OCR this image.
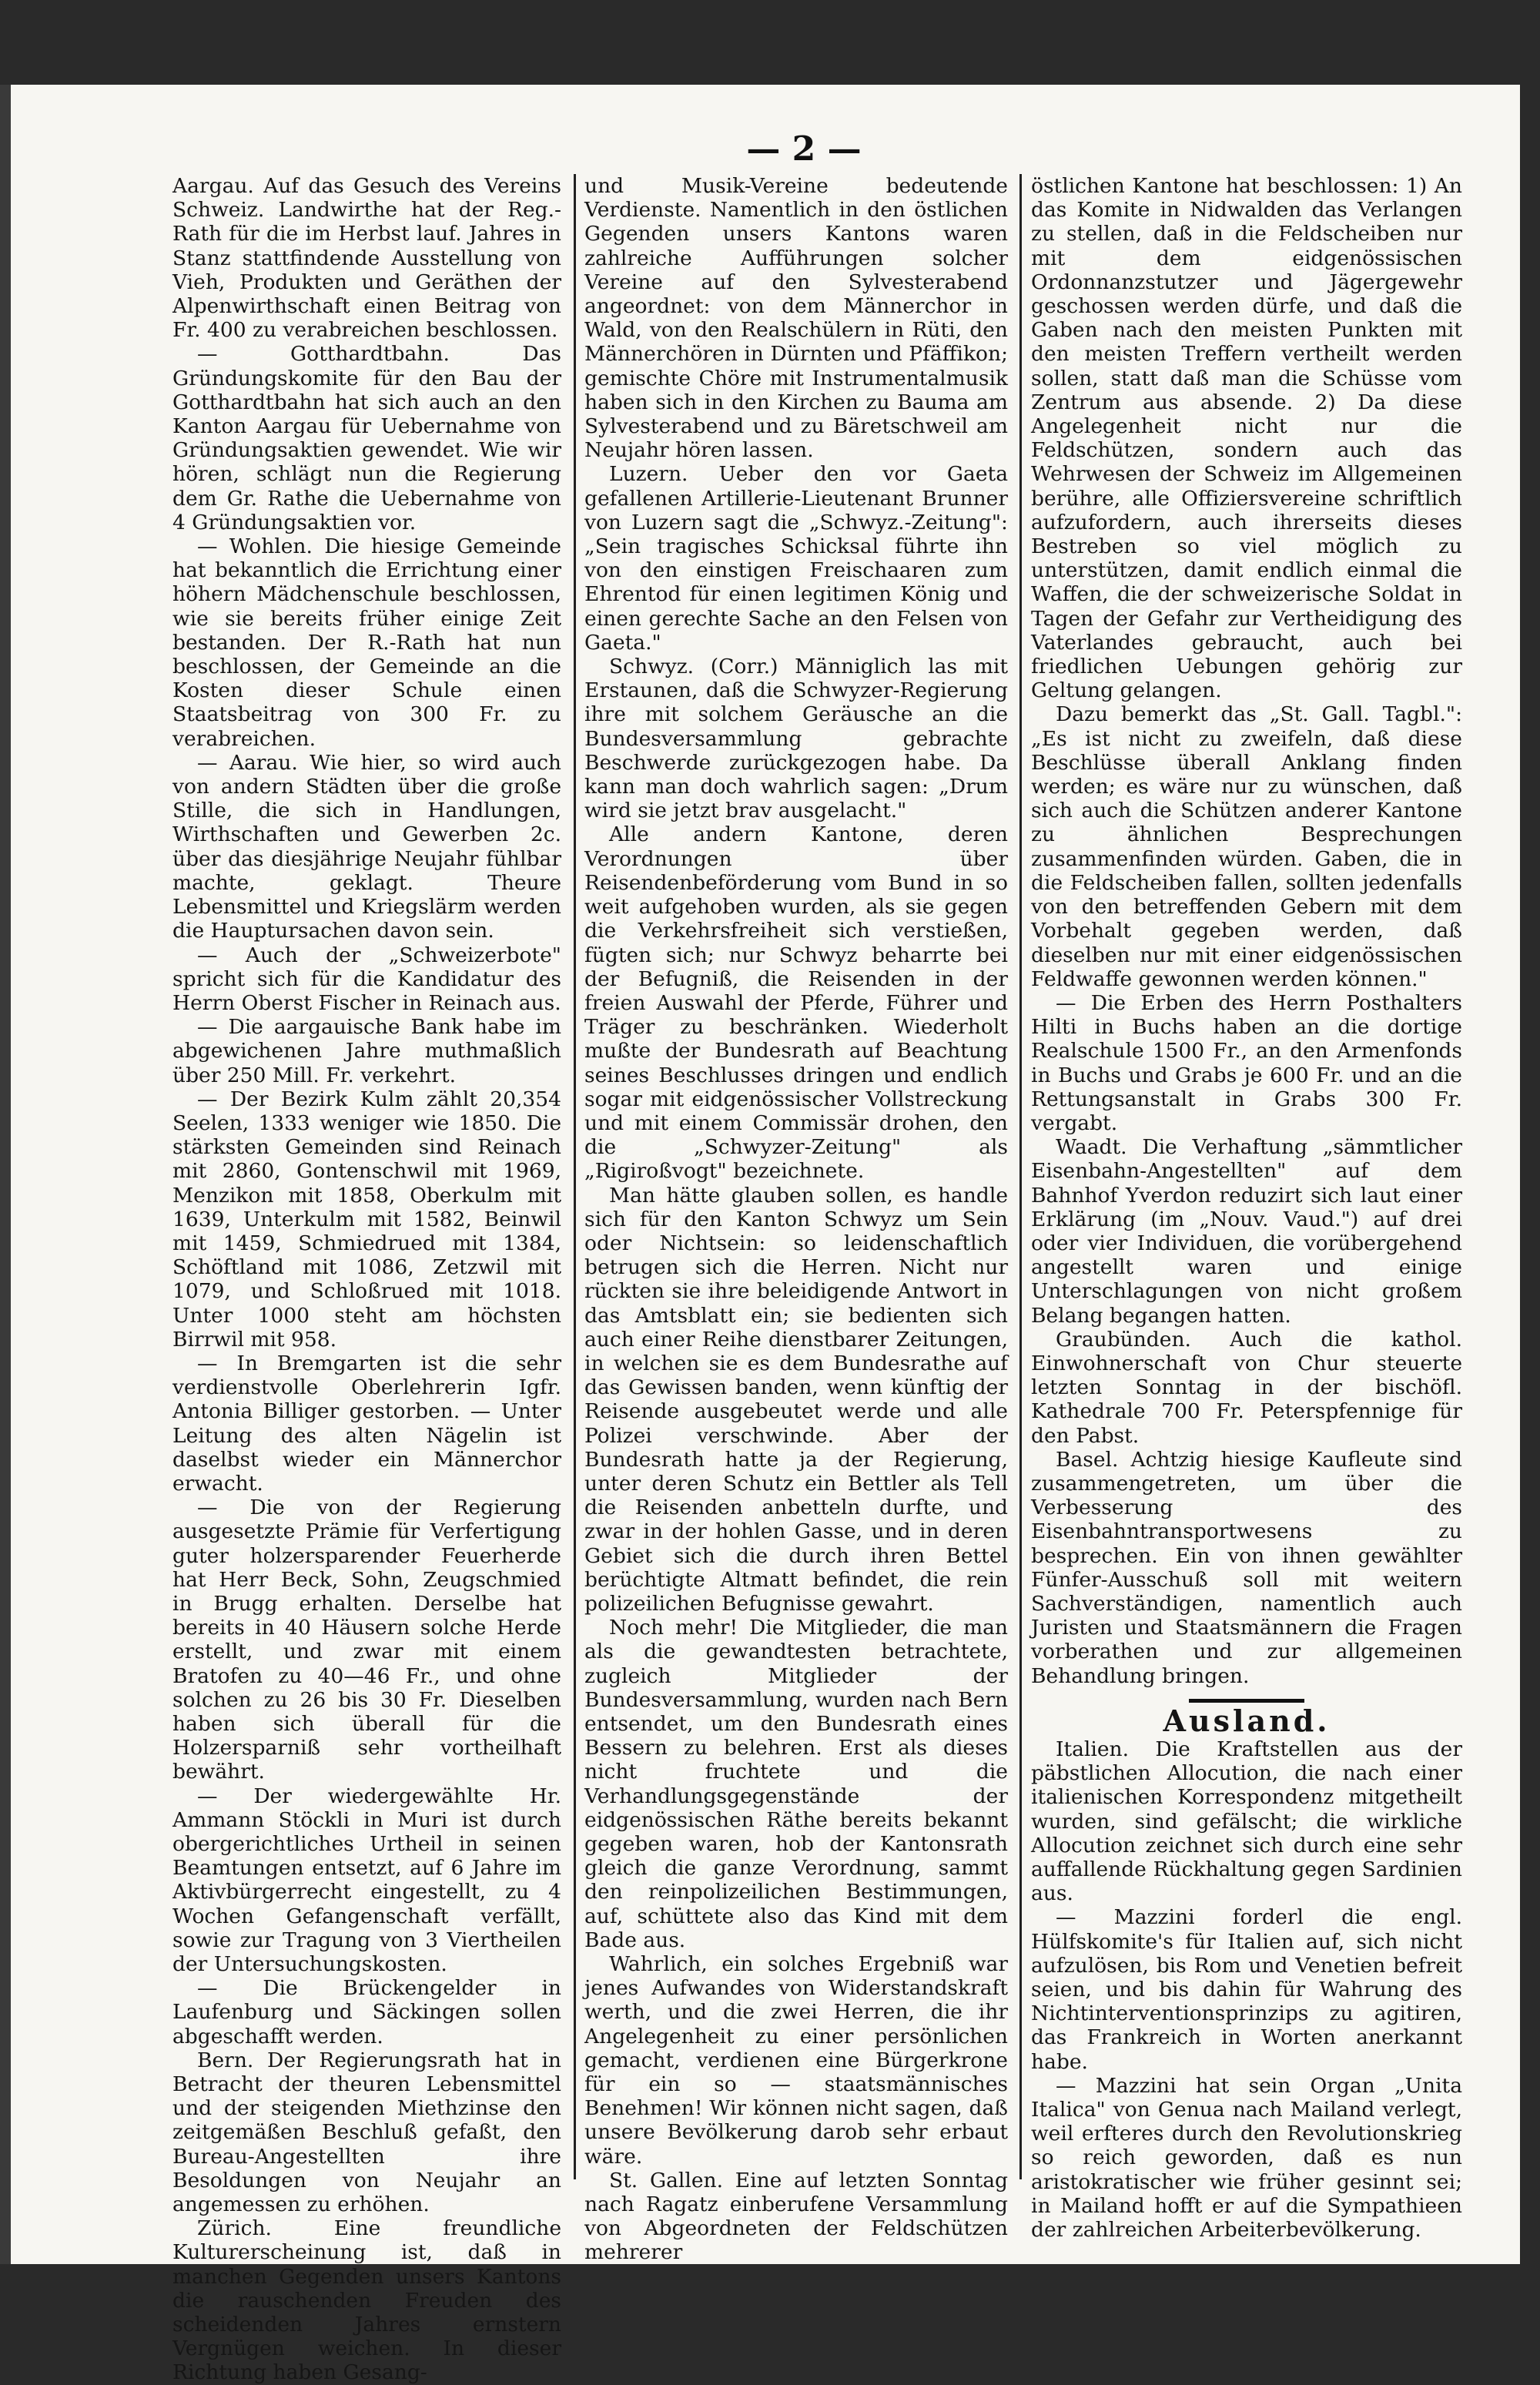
— 2 —

Aargau. Auf das Gesuch des Vereins Schweiz. Landwirthe hat der Reg.-Rath für die im Herbst lauf. Jahres in Stanz stattfindende Ausstellung von Vieh, Produkten und Geräthen der Alpenwirthschaft einen Beitrag von Fr. 400 zu verabreichen beschlossen.

— Gotthardtbahn. Das Gründungskomite für den Bau der Gotthardtbahn hat sich auch an den Kanton Aargau für Uebernahme von Gründungsaktien gewendet. Wie wir hören, schlägt nun die Regierung dem Gr. Rathe die Uebernahme von 4 Gründungsaktien vor.

— Wohlen. Die hiesige Gemeinde hat bekanntlich die Errichtung einer höhern Mädchenschule beschlossen, wie sie bereits früher einige Zeit bestanden. Der R.-Rath hat nun beschlossen, der Gemeinde an die Kosten dieser Schule einen Staatsbeitrag von 300 Fr. zu verabreichen.

— Aarau. Wie hier, so wird auch von andern Städten über die große Stille, die sich in Handlungen, Wirthschaften und Gewerben 2c. über das diesjährige Neujahr fühlbar machte, geklagt. Theure Lebensmittel und Kriegslärm werden die Hauptursachen davon sein.

— Auch der „Schweizerbote" spricht sich für die Kandidatur des Herrn Oberst Fischer in Reinach aus.

— Die aargauische Bank habe im abgewichenen Jahre muthmaßlich über 250 Mill. Fr. verkehrt.

— Der Bezirk Kulm zählt 20,354 Seelen, 1333 weniger wie 1850. Die stärksten Gemeinden sind Reinach mit 2860, Gontenschwil mit 1969, Menzikon mit 1858, Oberkulm mit 1639, Unterkulm mit 1582, Beinwil mit 1459, Schmiedrued mit 1384, Schöftland mit 1086, Zetzwil mit 1079, und Schloßrued mit 1018. Unter 1000 steht am höchsten Birrwil mit 958.

— In Bremgarten ist die sehr verdienstvolle Oberlehrerin Igfr. Antonia Billiger gestorben. — Unter Leitung des alten Nägelin ist daselbst wieder ein Männerchor erwacht.

— Die von der Regierung ausgesetzte Prämie für Verfertigung guter holzersparender Feuerherde hat Herr Beck, Sohn, Zeugschmied in Brugg erhalten. Derselbe hat bereits in 40 Häusern solche Herde erstellt, und zwar mit einem Bratofen zu 40—46 Fr., und ohne solchen zu 26 bis 30 Fr. Dieselben haben sich überall für die Holzersparniß sehr vortheilhaft bewährt.

— Der wiedergewählte Hr. Ammann Stöckli in Muri ist durch obergerichtliches Urtheil in seinen Beamtungen entsetzt, auf 6 Jahre im Aktivbürgerrecht eingestellt, zu 4 Wochen Gefangenschaft verfällt, sowie zur Tragung von 3 Viertheilen der Untersuchungskosten.

— Die Brückengelder in Laufenburg und Säckingen sollen abgeschafft werden.

Bern. Der Regierungsrath hat in Betracht der theuren Lebensmittel und der steigenden Miethzinse den zeitgemäßen Beschluß gefaßt, den Bureau-Angestellten ihre Besoldungen von Neujahr an angemessen zu erhöhen.

Zürich. Eine freundliche Kulturerscheinung ist, daß in manchen Gegenden unsers Kantons die rauschenden Freuden des scheidenden Jahres ernstern Vergnügen weichen. In dieser Richtung haben Gesang-

und Musik-Vereine bedeutende Verdienste. Namentlich in den östlichen Gegenden unsers Kantons waren zahlreiche Aufführungen solcher Vereine auf den Sylvesterabend angeordnet: von dem Männerchor in Wald, von den Realschülern in Rüti, den Männerchören in Dürnten und Pfäffikon; gemischte Chöre mit Instrumentalmusik haben sich in den Kirchen zu Bauma am Sylvesterabend und zu Bäretschweil am Neujahr hören lassen.

Luzern. Ueber den vor Gaeta gefallenen Artillerie-Lieutenant Brunner von Luzern sagt die „Schwyz.-Zeitung": „Sein tragisches Schicksal führte ihn von den einstigen Freischaaren zum Ehrentod für einen legitimen König und einen gerechte Sache an den Felsen von Gaeta."

Schwyz. (Corr.) Männiglich las mit Erstaunen, daß die Schwyzer-Regierung ihre mit solchem Geräusche an die Bundesversammlung gebrachte Beschwerde zurückgezogen habe. Da kann man doch wahrlich sagen: „Drum wird sie jetzt brav ausgelacht."

Alle andern Kantone, deren Verordnungen über Reisendenbeförderung vom Bund in so weit aufgehoben wurden, als sie gegen die Verkehrsfreiheit sich verstießen, fügten sich; nur Schwyz beharrte bei der Befugniß, die Reisenden in der freien Auswahl der Pferde, Führer und Träger zu beschränken. Wiederholt mußte der Bundesrath auf Beachtung seines Beschlusses dringen und endlich sogar mit eidgenössischer Vollstreckung und mit einem Commissär drohen, den die „Schwyzer-Zeitung" als „Rigiroßvogt" bezeichnete.

Man hätte glauben sollen, es handle sich für den Kanton Schwyz um Sein oder Nichtsein: so leidenschaftlich betrugen sich die Herren. Nicht nur rückten sie ihre beleidigende Antwort in das Amtsblatt ein; sie bedienten sich auch einer Reihe dienstbarer Zeitungen, in welchen sie es dem Bundesrathe auf das Gewissen banden, wenn künftig der Reisende ausgebeutet werde und alle Polizei verschwinde. Aber der Bundesrath hatte ja der Regierung, unter deren Schutz ein Bettler als Tell die Reisenden anbetteln durfte, und zwar in der hohlen Gasse, und in deren Gebiet sich die durch ihren Bettel berüchtigte Altmatt befindet, die rein polizeilichen Befugnisse gewahrt.

Noch mehr! Die Mitglieder, die man als die gewandtesten betrachtete, zugleich Mitglieder der Bundesversammlung, wurden nach Bern entsendet, um den Bundesrath eines Bessern zu belehren. Erst als dieses nicht fruchtete und die Verhandlungsgegenstände der eidgenössischen Räthe bereits bekannt gegeben waren, hob der Kantonsrath gleich die ganze Verordnung, sammt den reinpolizeilichen Bestimmungen, auf, schüttete also das Kind mit dem Bade aus.

Wahrlich, ein solches Ergebniß war jenes Aufwandes von Widerstandskraft werth, und die zwei Herren, die ihr Angelegenheit zu einer persönlichen gemacht, verdienen eine Bürgerkrone für ein so — staatsmännisches Benehmen! Wir können nicht sagen, daß unsere Bevölkerung darob sehr erbaut wäre.

St. Gallen. Eine auf letzten Sonntag nach Ragatz einberufene Versammlung von Abgeordneten der Feldschützen mehrerer

östlichen Kantone hat beschlossen: 1) An das Komite in Nidwalden das Verlangen zu stellen, daß in die Feldscheiben nur mit dem eidgenössischen Ordonnanzstutzer und Jägergewehr geschossen werden dürfe, und daß die Gaben nach den meisten Punkten mit den meisten Treffern vertheilt werden sollen, statt daß man die Schüsse vom Zentrum aus absende. 2) Da diese Angelegenheit nicht nur die Feldschützen, sondern auch das Wehrwesen der Schweiz im Allgemeinen berühre, alle Offiziersvereine schriftlich aufzufordern, auch ihrerseits dieses Bestreben so viel möglich zu unterstützen, damit endlich einmal die Waffen, die der schweizerische Soldat in Tagen der Gefahr zur Vertheidigung des Vaterlandes gebraucht, auch bei friedlichen Uebungen gehörig zur Geltung gelangen.

Dazu bemerkt das „St. Gall. Tagbl.": „Es ist nicht zu zweifeln, daß diese Beschlüsse überall Anklang finden werden; es wäre nur zu wünschen, daß sich auch die Schützen anderer Kantone zu ähnlichen Besprechungen zusammenfinden würden. Gaben, die in die Feldscheiben fallen, sollten jedenfalls von den betreffenden Gebern mit dem Vorbehalt gegeben werden, daß dieselben nur mit einer eidgenössischen Feldwaffe gewonnen werden können."

— Die Erben des Herrn Posthalters Hilti in Buchs haben an die dortige Realschule 1500 Fr., an den Armenfonds in Buchs und Grabs je 600 Fr. und an die Rettungsanstalt in Grabs 300 Fr. vergabt.

Waadt. Die Verhaftung „sämmtlicher Eisenbahn-Angestellten" auf dem Bahnhof Yverdon reduzirt sich laut einer Erklärung (im „Nouv. Vaud.") auf drei oder vier Individuen, die vorübergehend angestellt waren und einige Unterschlagungen von nicht großem Belang begangen hatten.

Graubünden. Auch die kathol. Einwohnerschaft von Chur steuerte letzten Sonntag in der bischöfl. Kathedrale 700 Fr. Peterspfennige für den Pabst.

Basel. Achtzig hiesige Kaufleute sind zusammengetreten, um über die Verbesserung des Eisenbahntransportwesens zu besprechen. Ein von ihnen gewählter Fünfer-Ausschuß soll mit weitern Sachverständigen, namentlich auch Juristen und Staatsmännern die Fragen vorberathen und zur allgemeinen Behandlung bringen.

Ausland.

Italien. Die Kraftstellen aus der päbstlichen Allocution, die nach einer italienischen Korrespondenz mitgetheilt wurden, sind gefälscht; die wirkliche Allocution zeichnet sich durch eine sehr auffallende Rückhaltung gegen Sardinien aus.

— Mazzini forderl die engl. Hülfskomite's für Italien auf, sich nicht aufzulösen, bis Rom und Venetien befreit seien, und bis dahin für Wahrung des Nichtinterventionsprinzips zu agitiren, das Frankreich in Worten anerkannt habe.

— Mazzini hat sein Organ „Unita Italica" von Genua nach Mailand verlegt, weil erfteres durch den Revolutionskrieg so reich geworden, daß es nun aristokratischer wie früher gesinnt sei; in Mailand hofft er auf die Sympathieen der zahlreichen Arbeiterbevölkerung.
